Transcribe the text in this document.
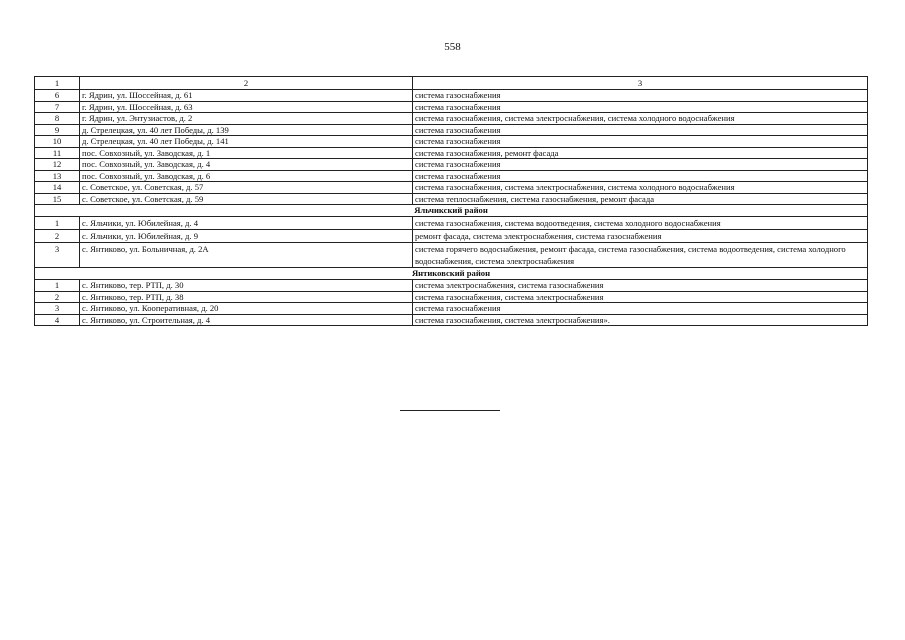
558
1	2	3
6	г. Ядрин, ул. Шоссейная, д. 61	система газоснабжения
7	г. Ядрин, ул. Шоссейная, д. 63	система газоснабжения
8	г. Ядрин, ул. Энтузиастов, д. 2	система газоснабжения, система электроснабжения, система холодного водоснабжения
9	д. Стрелецкая, ул. 40 лет Победы, д. 139	система газоснабжения
10	д. Стрелецкая, ул. 40 лет Победы, д. 141	система газоснабжения
11	пос. Совхозный, ул. Заводская, д. 1	система газоснабжения, ремонт фасада
12	пос. Совхозный, ул. Заводская, д. 4	система газоснабжения
13	пос. Совхозный, ул. Заводская, д. 6	система газоснабжения
14	с. Советское, ул. Советская, д. 57	система газоснабжения, система электроснабжения, система холодного водоснабжения
15	с. Советское, ул. Советская, д. 59	система теплоснабжения, система газоснабжения, ремонт фасада
Яльчикский район		
1	с. Яльчики, ул. Юбилейная, д. 4	система газоснабжения, система водоотведения, система холодного водоснабжения
2	с. Яльчики, ул. Юбилейная, д. 9	ремонт фасада, система электроснабжения, система газоснабжения
3	с. Янтиково, ул. Больничная, д. 2А	система горячего водоснабжения, ремонт фасада, система газоснабжения, система водоотведения, система холодного водоснабжения, система электроснабжения
Янтиковский район		
1	с. Янтиково, тер. РТП, д. 30	система электроснабжения, система газоснабжения
2	с. Янтиково, тер. РТП, д. 38	система газоснабжения, система электроснабжения
3	с. Янтиково, ул. Кооперативная, д. 20	система газоснабжения
4	с. Янтиково, ул. Строительная, д. 4	система газоснабжения, система электроснабжения».
